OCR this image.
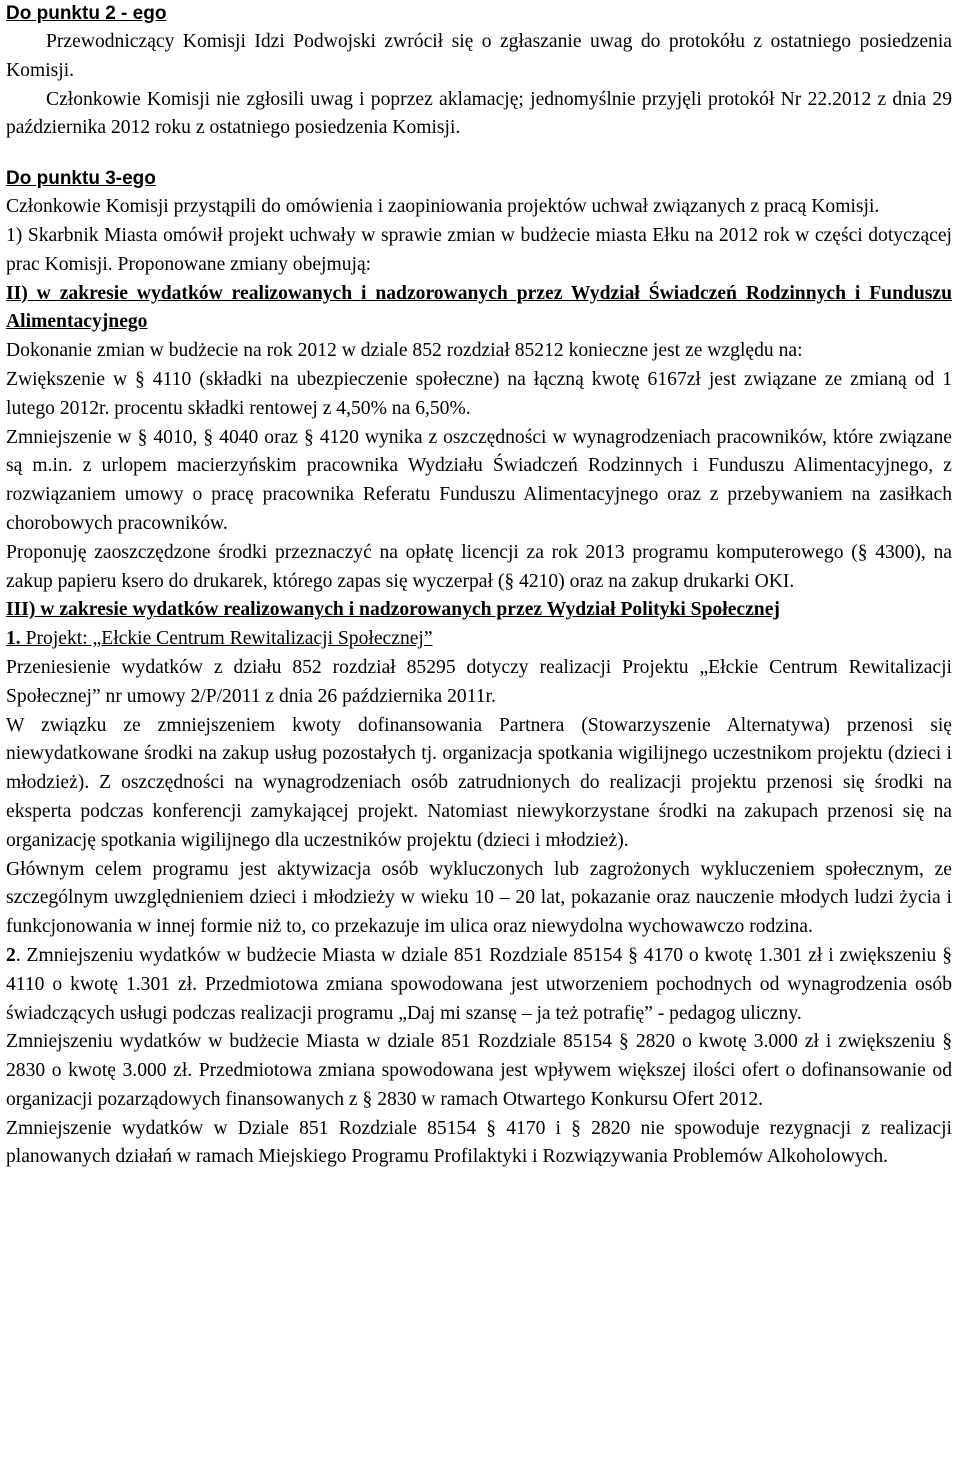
Do punktu 2 - ego

Przewodniczący Komisji Idzi Podwojski zwrócił się o zgłaszanie uwag do protokółu z ostatniego posiedzenia Komisji.

Członkowie Komisji nie zgłosili uwag i poprzez aklamację; jednomyślnie przyjęli protokół Nr 22.2012 z dnia 29 października 2012 roku z ostatniego posiedzenia Komisji.

Do punktu 3-ego

Członkowie Komisji przystąpili do omówienia i zaopiniowania projektów uchwał związanych z pracą Komisji.

1) Skarbnik Miasta omówił projekt uchwały w sprawie zmian w budżecie miasta Ełku na 2012 rok w części dotyczącej prac Komisji. Proponowane zmiany obejmują:

II) w zakresie wydatków realizowanych i nadzorowanych przez Wydział Świadczeń Rodzinnych i Funduszu Alimentacyjnego

Dokonanie zmian w budżecie na rok 2012 w dziale 852 rozdział 85212 konieczne jest ze względu na:

Zwiększenie w § 4110 (składki na ubezpieczenie społeczne) na łączną kwotę 6167zł jest związane ze zmianą od 1 lutego 2012r. procentu składki rentowej z 4,50% na 6,50%.

Zmniejszenie w § 4010, § 4040 oraz § 4120 wynika z oszczędności w wynagrodzeniach pracowników, które związane są m.in. z urlopem macierzyńskim pracownika Wydziału Świadczeń Rodzinnych i Funduszu Alimentacyjnego, z rozwiązaniem umowy o pracę pracownika Referatu Funduszu Alimentacyjnego oraz z przebywaniem na zasiłkach chorobowych pracowników.

Proponuję zaoszczędzone środki przeznaczyć na opłatę licencji za rok 2013 programu komputerowego (§ 4300), na zakup papieru ksero do drukarek, którego zapas się wyczerpał (§ 4210) oraz na zakup drukarki OKI.

III) w zakresie wydatków realizowanych i nadzorowanych przez Wydział Polityki Społecznej

1. Projekt: „Ełckie Centrum Rewitalizacji Społecznej”

Przeniesienie wydatków z działu 852 rozdział 85295 dotyczy realizacji Projektu „Ełckie Centrum Rewitalizacji Społecznej” nr umowy 2/P/2011 z dnia 26 października 2011r.

W związku ze zmniejszeniem kwoty dofinansowania Partnera (Stowarzyszenie Alternatywa) przenosi się niewydatkowane środki na zakup usług pozostałych tj. organizacja spotkania wigilijnego uczestnikom projektu (dzieci i młodzież). Z oszczędności na wynagrodzeniach osób zatrudnionych do realizacji projektu przenosi się środki na eksperta podczas konferencji zamykającej projekt. Natomiast niewykorzystane środki na zakupach przenosi się na organizację spotkania wigilijnego dla uczestników projektu (dzieci i młodzież).

Głównym celem programu jest aktywizacja osób wykluczonych lub zagrożonych wykluczeniem społecznym, ze szczególnym uwzględnieniem dzieci i młodzieży w wieku 10 – 20 lat, pokazanie oraz nauczenie młodych ludzi życia i funkcjonowania w innej formie niż to, co przekazuje im ulica oraz niewydolna wychowawczo rodzina.

2. Zmniejszeniu wydatków w budżecie Miasta w dziale 851 Rozdziale 85154 § 4170 o kwotę 1.301 zł i zwiększeniu § 4110 o kwotę 1.301 zł. Przedmiotowa zmiana spowodowana jest utworzeniem pochodnych od wynagrodzenia osób świadczących usługi podczas realizacji programu „Daj mi szansę – ja też potrafię” - pedagog uliczny.

Zmniejszeniu wydatków w budżecie Miasta w dziale 851 Rozdziale 85154 § 2820 o kwotę 3.000 zł i zwiększeniu § 2830 o kwotę 3.000 zł. Przedmiotowa zmiana spowodowana jest wpływem większej ilości ofert o dofinansowanie od organizacji pozarządowych finansowanych z § 2830 w ramach Otwartego Konkursu Ofert 2012.

Zmniejszenie wydatków w Dziale 851 Rozdziale 85154 § 4170 i § 2820 nie spowoduje rezygnacji z realizacji planowanych działań w ramach Miejskiego Programu Profilaktyki i Rozwiązywania Problemów Alkoholowych.
